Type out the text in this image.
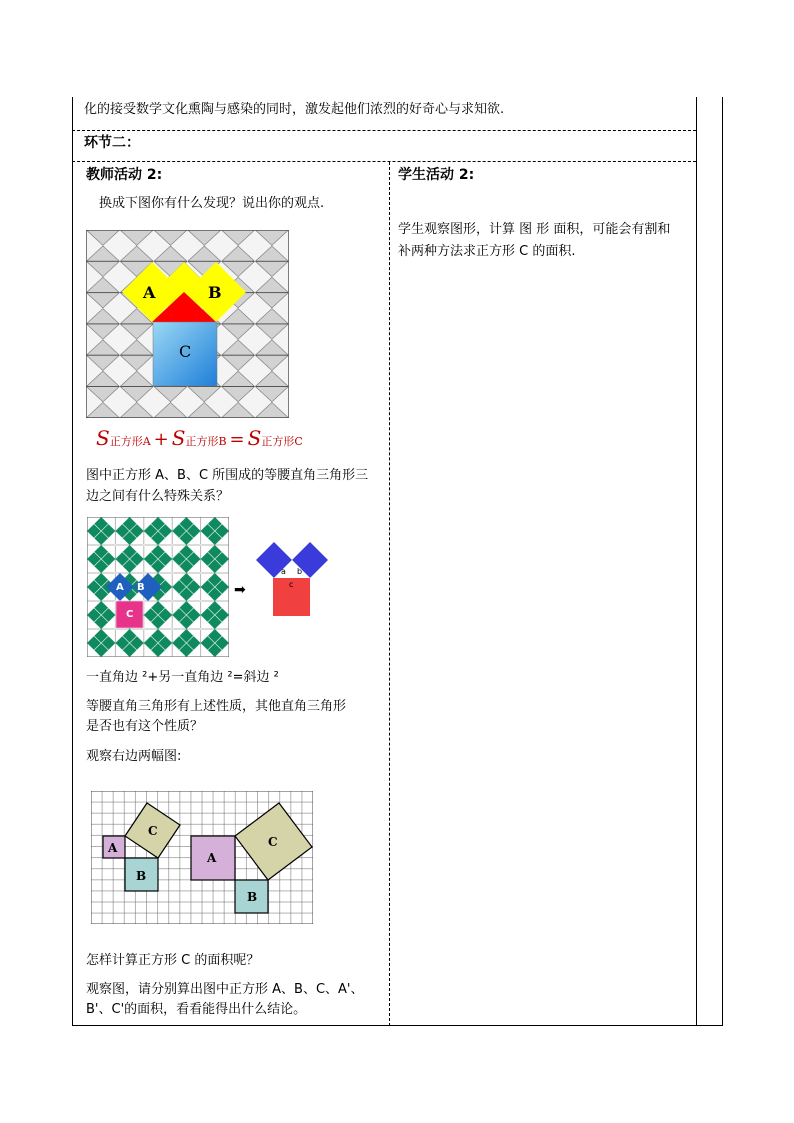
化的接受数学文化熏陶与感染的同时，激发起他们浓烈的好奇心与求知欲.
环节二：
教师活动 2:
换成下图你有什么发现？说出你的观点.
A	B
C
S正方形A + S正方形B = S正方形C
图中正方形 A、B、C 所围成的等腰直角三角形三
边之间有什么特殊关系？
A B
C
➡
a b
c
一直角边 ²+另一直角边 ²=斜边 ²
等腰直角三角形有上述性质，其他直角三角形
是否也有这个性质？
观察右边两幅图:
A
B
C
A
B
C
怎样计算正方形 C 的面积呢？
观察图，请分别算出图中正方形 A、B、C、A'、
B'、C'的面积，看看能得出什么结论。
学生活动 2:
学生观察图形，计算 图 形 面积，可能会有割和
补两种方法求正方形 C 的面积.
